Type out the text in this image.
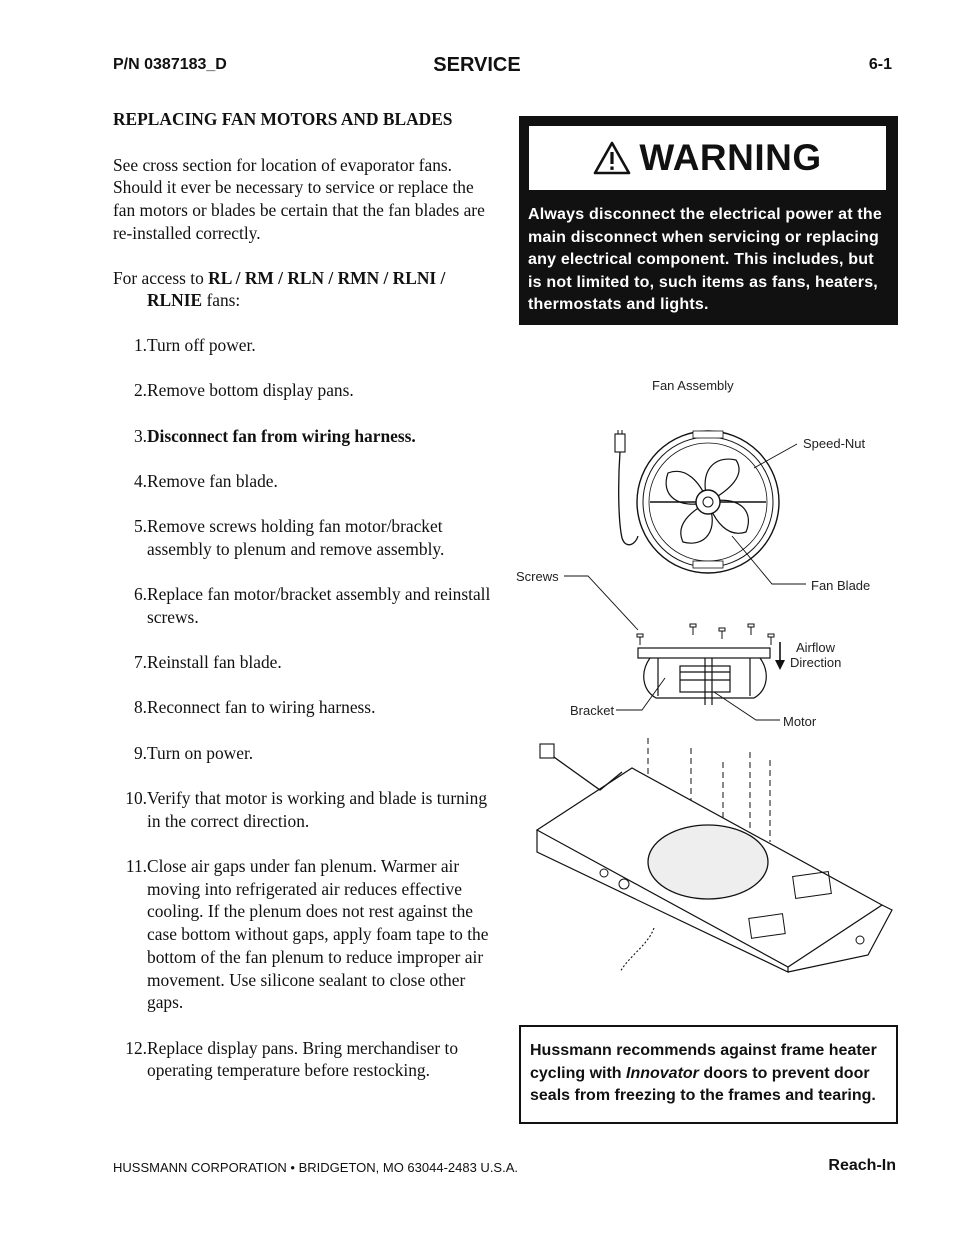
P/N 0387183_D	SERVICE	6-1

REPLACING FAN MOTORS AND BLADES

See cross section for location of evaporator fans. Should it ever be necessary to service or replace the fan motors or blades be certain that the fan blades are re-installed correctly.

For access to RL / RM / RLN / RMN / RLNI / RLNIE fans:

1. Turn off power.
2. Remove bottom display pans.
3. Disconnect fan from wiring harness.
4. Remove fan blade.
5. Remove screws holding fan motor/bracket assembly to plenum and remove assembly.
6. Replace fan motor/bracket assembly and reinstall screws.
7. Reinstall fan blade.
8. Reconnect fan to wiring harness.
9. Turn on power.
10. Verify that motor is working and blade is turning in the correct direction.
11. Close air gaps under fan plenum. Warmer air moving into refrigerated air reduces effective cooling. If the plenum does not rest against the case bottom without gaps, apply foam tape to the bottom of the fan plenum to reduce improper air movement. Use silicone sealant to close other gaps.
12. Replace display pans. Bring merchandiser to operating temperature before restocking.
WARNING
Always disconnect the electrical power at the main disconnect when servicing or replacing any electrical component. This includes, but is not limited to, such items as fans, heaters, thermostats and lights.
Fan Assembly
Speed-Nut
Fan Blade
Screws
Airflow
Direction
Bracket
Motor
Hussmann recommends against frame heater cycling with Innovator doors to prevent door seals from freezing to the frames and tearing.
HUSSMANN CORPORATION • BRIDGETON, MO 63044-2483 U.S.A.	Reach-In
